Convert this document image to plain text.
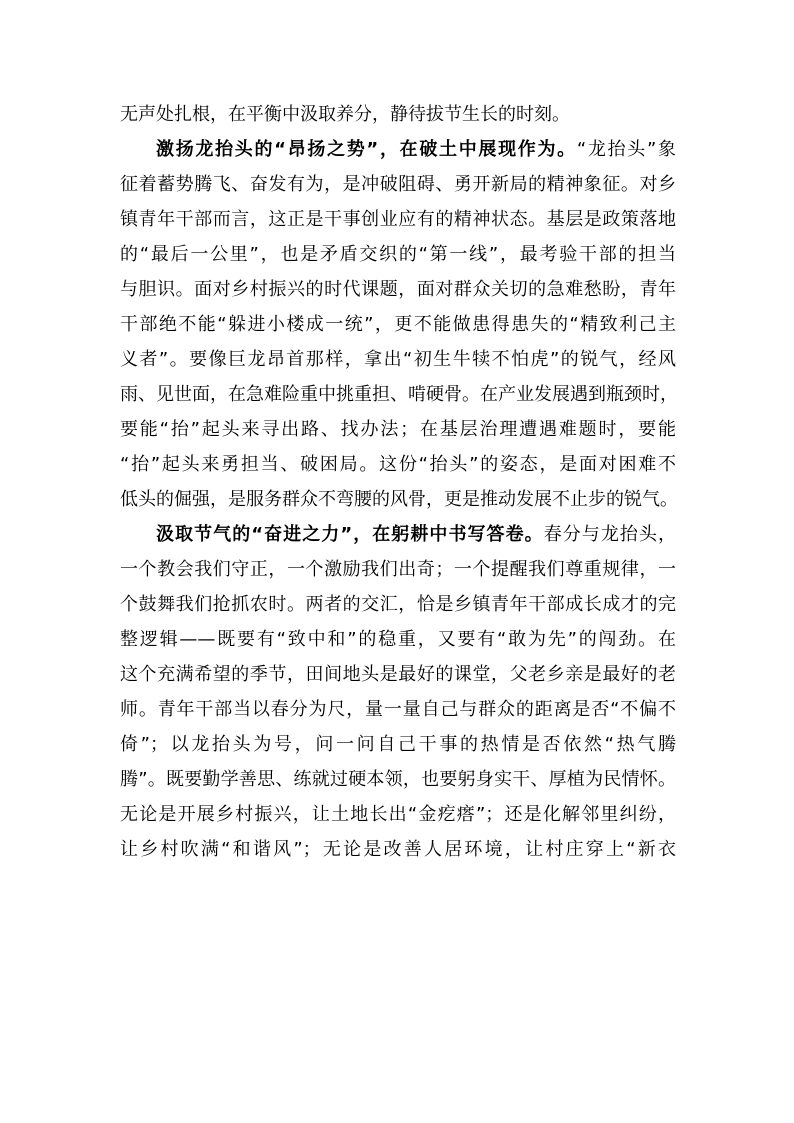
无声处扎根，在平衡中汲取养分，静待拔节生长的时刻。
激扬龙抬头的“昂扬之势”，在破土中展现作为。“龙抬头”象
征着蓄势腾飞、奋发有为，是冲破阻碍、勇开新局的精神象征。对乡
镇青年干部而言，这正是干事创业应有的精神状态。基层是政策落地
的“最后一公里”，也是矛盾交织的“第一线”，最考验干部的担当
与胆识。面对乡村振兴的时代课题，面对群众关切的急难愁盼，青年
干部绝不能“躲进小楼成一统”，更不能做患得患失的“精致利己主
义者”。要像巨龙昂首那样，拿出“初生牛犊不怕虎”的锐气，经风
雨、见世面，在急难险重中挑重担、啃硬骨。在产业发展遇到瓶颈时，
要能“抬”起头来寻出路、找办法；在基层治理遭遇难题时，要能
“抬”起头来勇担当、破困局。这份“抬头”的姿态，是面对困难不
低头的倔强，是服务群众不弯腰的风骨，更是推动发展不止步的锐气。
汲取节气的“奋进之力”，在躬耕中书写答卷。春分与龙抬头，
一个教会我们守正，一个激励我们出奇；一个提醒我们尊重规律，一
个鼓舞我们抢抓农时。两者的交汇，恰是乡镇青年干部成长成才的完
整逻辑——既要有“致中和”的稳重，又要有“敢为先”的闯劲。在
这个充满希望的季节，田间地头是最好的课堂，父老乡亲是最好的老
师。青年干部当以春分为尺，量一量自己与群众的距离是否“不偏不
倚”；以龙抬头为号，问一问自己干事的热情是否依然“热气腾
腾”。既要勤学善思、练就过硬本领，也要躬身实干、厚植为民情怀。
无论是开展乡村振兴，让土地长出“金疙瘩”；还是化解邻里纠纷，
让乡村吹满“和谐风”；无论是改善人居环境，让村庄穿上“新衣
